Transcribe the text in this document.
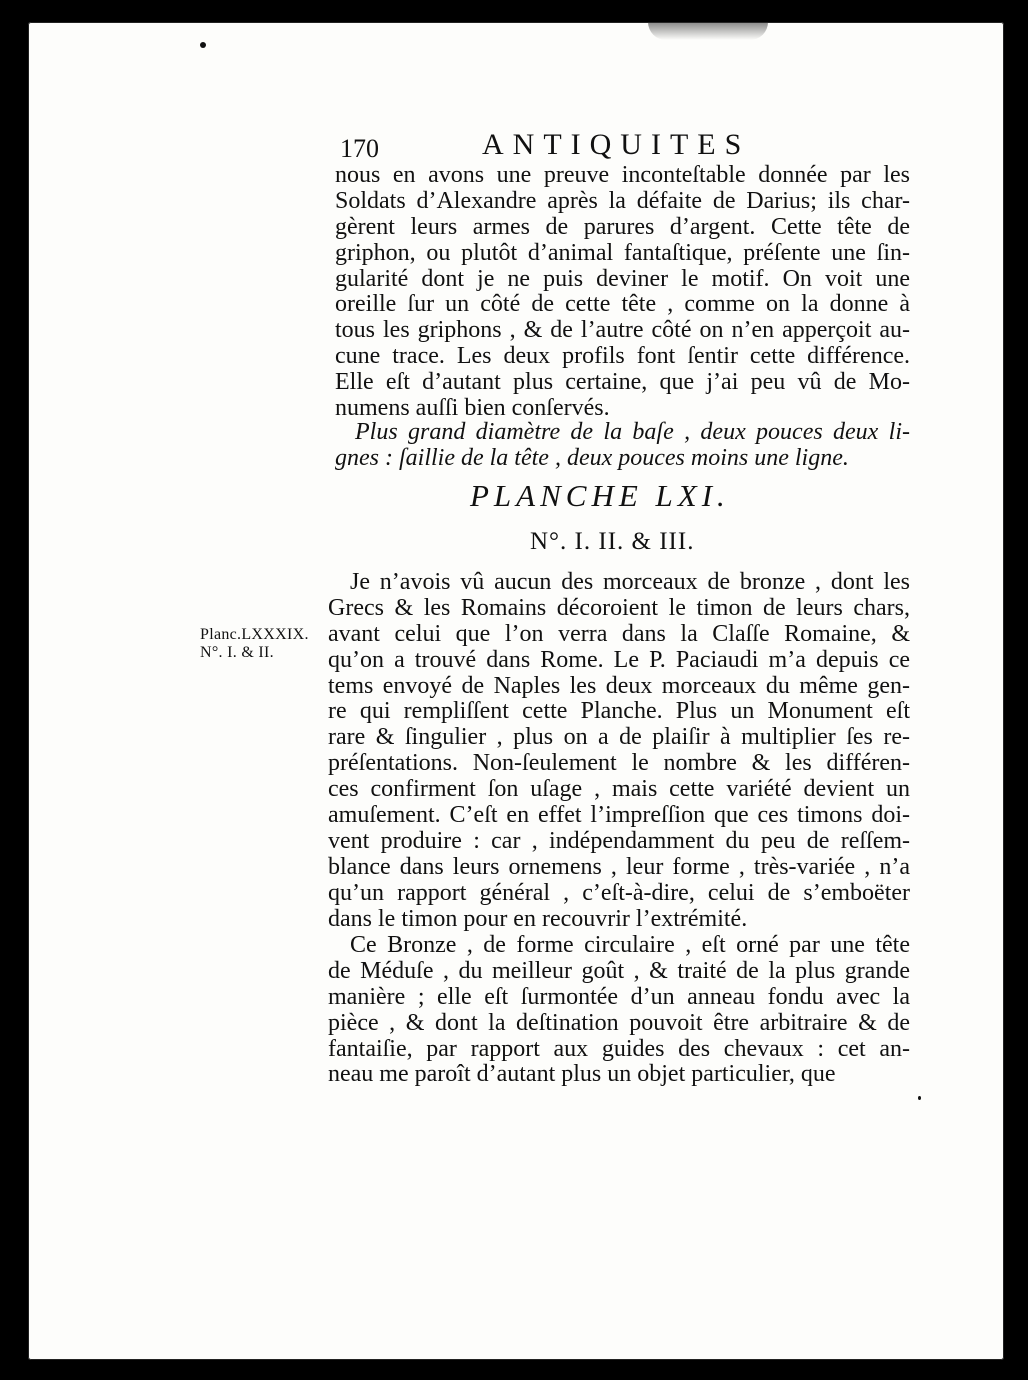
170	ANTIQUITES
nous en avons une preuve inconteſtable donnée par les
Soldats d’Alexandre après la défaite de Darius; ils char-
gèrent leurs armes de parures d’argent. Cette tête de
griphon, ou plutôt d’animal fantaſtique, préſente une ſin-
gularité dont je ne puis deviner le motif. On voit une
oreille ſur un côté de cette tête , comme on la donne à
tous les griphons , & de l’autre côté on n’en apperçoit au-
cune trace. Les deux profils font ſentir cette différence.
Elle eſt d’autant plus certaine, que j’ai peu vû de Mo-
numens auſſi bien conſervés.
Plus grand diamètre de la baſe , deux pouces deux li-
gnes : ſaillie de la tête , deux pouces moins une ligne.
PLANCHE LXI.
N°. I. II. & III.
Planc.LXXXIX.
N°. I. & II.
Je n’avois vû aucun des morceaux de bronze , dont les
Grecs & les Romains décoroient le timon de leurs chars,
avant celui que l’on verra dans la Claſſe Romaine, &
qu’on a trouvé dans Rome. Le P. Paciaudi m’a depuis ce
tems envoyé de Naples les deux morceaux du même gen-
re qui rempliſſent cette Planche. Plus un Monument eſt
rare & ſingulier , plus on a de plaiſir à multiplier ſes re-
préſentations. Non-ſeulement le nombre & les différen-
ces confirment ſon uſage , mais cette variété devient un
amuſement. C’eſt en effet l’impreſſion que ces timons doi-
vent produire : car , indépendamment du peu de reſſem-
blance dans leurs ornemens , leur forme , très-variée , n’a
qu’un rapport général , c’eſt-à-dire, celui de s’emboëter
dans le timon pour en recouvrir l’extrémité.
Ce Bronze , de forme circulaire , eſt orné par une tête
de Méduſe , du meilleur goût , & traité de la plus grande
manière ; elle eſt ſurmontée d’un anneau fondu avec la
pièce , & dont la deſtination pouvoit être arbitraire & de
fantaiſie, par rapport aux guides des chevaux : cet an-
neau me paroît d’autant plus un objet particulier, que
